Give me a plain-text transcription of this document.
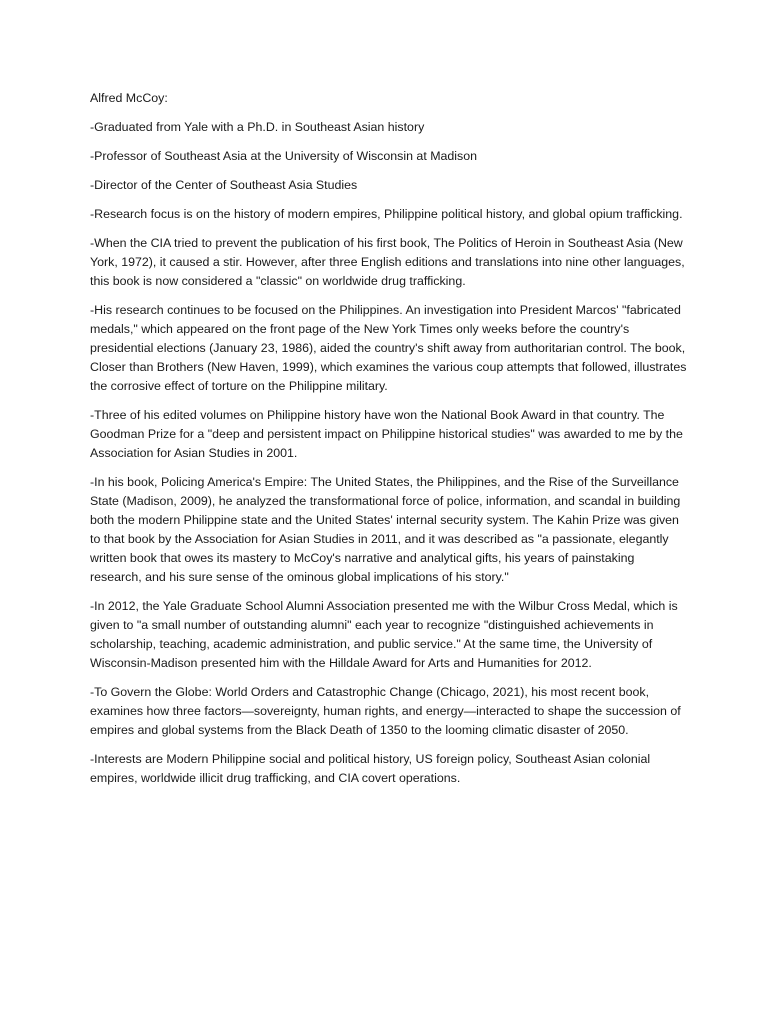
Alfred McCoy:

-Graduated from Yale with a Ph.D. in Southeast Asian history

-Professor of Southeast Asia at the University of Wisconsin at Madison

-Director of the Center of Southeast Asia Studies

-Research focus is on the history of modern empires, Philippine political history, and global opium trafficking.

-When the CIA tried to prevent the publication of his first book, The Politics of Heroin in Southeast Asia (New York, 1972), it caused a stir. However, after three English editions and translations into nine other languages, this book is now considered a "classic" on worldwide drug trafficking.

-His research continues to be focused on the Philippines. An investigation into President Marcos' "fabricated medals," which appeared on the front page of the New York Times only weeks before the country's presidential elections (January 23, 1986), aided the country's shift away from authoritarian control. The book, Closer than Brothers (New Haven, 1999), which examines the various coup attempts that followed, illustrates the corrosive effect of torture on the Philippine military.

-Three of his edited volumes on Philippine history have won the National Book Award in that country. The Goodman Prize for a "deep and persistent impact on Philippine historical studies" was awarded to me by the Association for Asian Studies in 2001.

-In his book, Policing America's Empire: The United States, the Philippines, and the Rise of the Surveillance State (Madison, 2009), he analyzed the transformational force of police, information, and scandal in building both the modern Philippine state and the United States' internal security system. The Kahin Prize was given to that book by the Association for Asian Studies in 2011, and it was described as "a passionate, elegantly written book that owes its mastery to McCoy's narrative and analytical gifts, his years of painstaking research, and his sure sense of the ominous global implications of his story."

-In 2012, the Yale Graduate School Alumni Association presented me with the Wilbur Cross Medal, which is given to "a small number of outstanding alumni" each year to recognize "distinguished achievements in scholarship, teaching, academic administration, and public service." At the same time, the University of Wisconsin-Madison presented him with the Hilldale Award for Arts and Humanities for 2012.

-To Govern the Globe: World Orders and Catastrophic Change (Chicago, 2021), his most recent book, examines how three factors—sovereignty, human rights, and energy—interacted to shape the succession of empires and global systems from the Black Death of 1350 to the looming climatic disaster of 2050.

-Interests are Modern Philippine social and political history, US foreign policy, Southeast Asian colonial empires, worldwide illicit drug trafficking, and CIA covert operations.
